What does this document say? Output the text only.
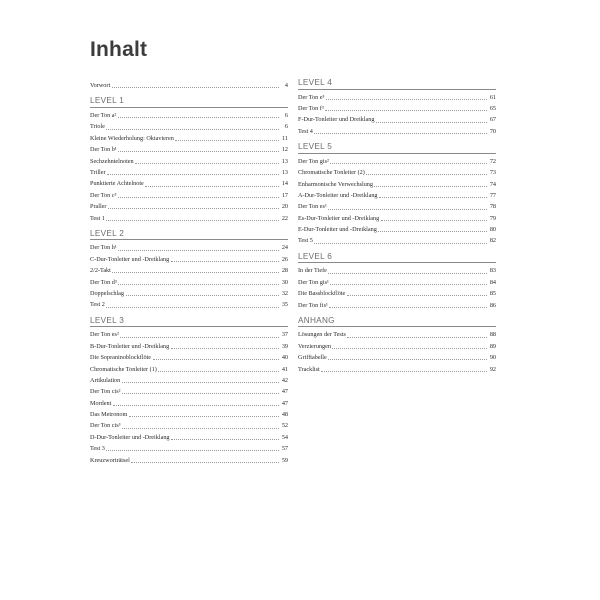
Inhalt
Vorwort	4
LEVEL 1
Der Ton a²	6
Triole	6
Kleine Wiederholung: Oktavieren	11
Der Ton b¹	12
Sechzehntelnoten	13
Triller	13
Punktierte Achtelnote	14
Der Ton c³	17
Praller	20
Test 1	22
LEVEL 2
Der Ton h¹	24
C-Dur-Tonleiter und -Dreiklang	26
2/2-Takt	28
Der Ton d³	30
Doppelschlag	32
Test 2	35
LEVEL 3
Der Ton es²	37
B-Dur-Tonleiter und -Dreiklang	39
Die Sopraninoblockflöte	40
Chromatische Tonleiter (1)	41
Artikulation	42
Der Ton cis²	47
Mordent	47
Das Metronom	48
Der Ton cis³	52
D-Dur-Tonleiter und -Dreiklang	54
Test 3	57
Kreuzworträtsel	59
LEVEL 4
Der Ton e³	61
Der Ton f³	65
F-Dur-Tonleiter und Dreiklang	67
Test 4	70
LEVEL 5
Der Ton gis²	72
Chromatische Tonleiter (2)	73
Enharmonische Verwechslung	74
A-Dur-Tonleiter und -Dreiklang	77
Der Ton es¹	78
Es-Dur-Tonleiter und -Dreiklang	79
E-Dur-Tonleiter und -Dreiklang	80
Test 5	82
LEVEL 6
In der Tiefe	83
Der Ton gis¹	84
Die Bassblockflöte	85
Der Ton fis¹	86
ANHANG
Lösungen der Tests	88
Verzierungen	89
Grifftabelle	90
Tracklist	92
